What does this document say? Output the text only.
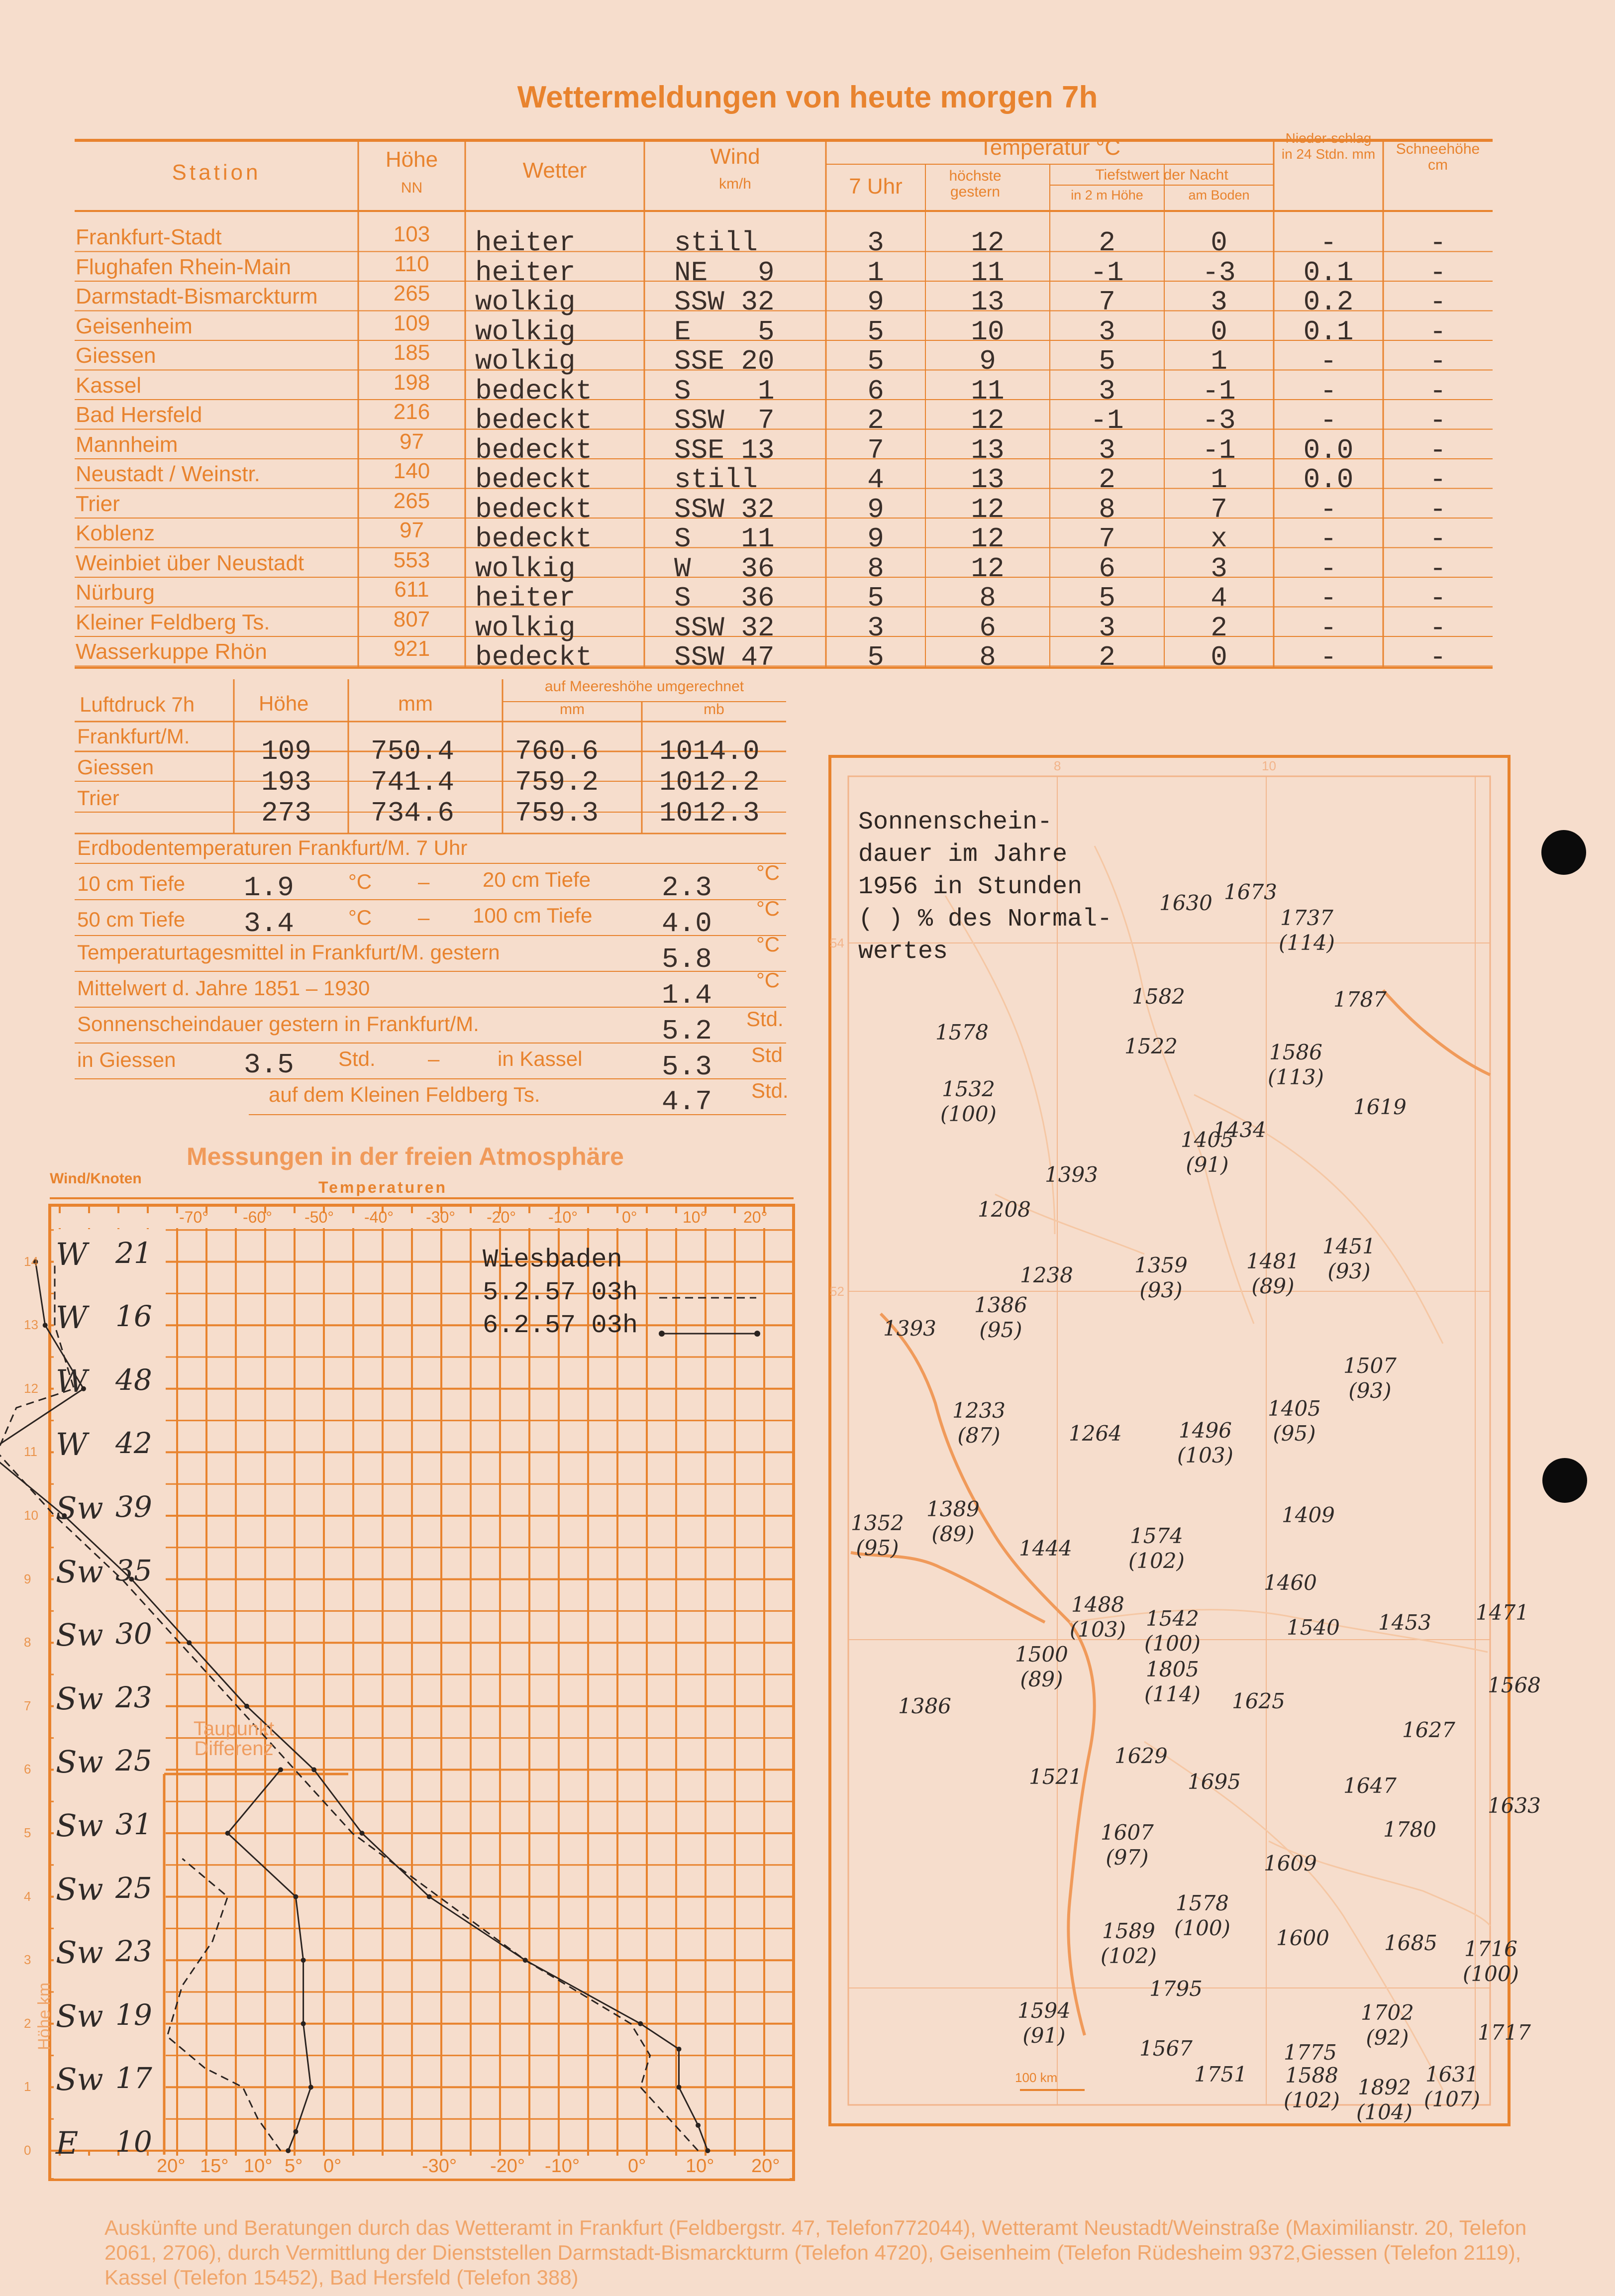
Wettermeldungen von heute morgen 7h
Station
Höhe
NN
Wetter
Wind
km/h
Temperatur °C
7 Uhr	höchste gestern
Tiefstwert der Nacht
in 2 m Höhe	am Boden
Nieder-schlag in 24 Stdn. mm	Schneehöhe cm
Frankfurt-Stadt	103	heiter	still	3	12	2	0	-	-
Flughafen Rhein-Main	110	heiter	NE   9	1	11	-1	-3	0.1	-
Darmstadt-Bismarckturm	265	wolkig	SSW 32	9	13	7	3	0.2	-
Geisenheim	109	wolkig	E    5	5	10	3	0	0.1	-
Giessen	185	wolkig	SSE 20	5	9	5	1	-	-
Kassel	198	bedeckt	S    1	6	11	3	-1	-	-
Bad Hersfeld	216	bedeckt	SSW  7	2	12	-1	-3	-	-
Mannheim	97	bedeckt	SSE 13	7	13	3	-1	0.0	-
Neustadt / Weinstr.	140	bedeckt	still	4	13	2	1	0.0	-
Trier	265	bedeckt	SSW 32	9	12	8	7	-	-
Koblenz	97	bedeckt	S   11	9	12	7	x	-	-
Weinbiet über Neustadt	553	wolkig	W   36	8	12	6	3	-	-
Nürburg	611	heiter	S   36	5	8	5	4	-	-
Kleiner Feldberg Ts.	807	wolkig	SSW 32	3	6	3	2	-	-
Wasserkuppe Rhön	921	bedeckt	SSW 47	5	8	2	0	-	-
Luftdruck 7h	Höhe	mm
auf Meereshöhe umgerechnet
mm	mb
Frankfurt/M.	109 750.4 760.6 1014.0
Giessen	193 741.4 759.2 1012.2
Trier	273 734.6 759.3 1012.3
Erdbodentemperaturen Frankfurt/M. 7 Uhr
10 cm Tiefe 1.9	°C –	20 cm Tiefe	2.3 °C
50 cm Tiefe 3.4	°C – 100 cm Tiefe 4.0 °C
Temperaturtagesmittel in Frankfurt/M. gestern	5.8 °C
Mittelwert d. Jahre 1851 – 1930	1.4 °C
Sonnenscheindauer gestern in Frankfurt/M.	5.2 Std.
in Giessen 3.5 Std.	–	in Kassel	5.3 Std
auf dem Kleinen Feldberg Ts.	4.7 Std.
Messungen in der freien Atmosphäre
Wind/Knoten	Temperaturen
Wiesbaden
5.2.57 03h
6.2.57 03h
Taupunkt Differenz
Höhe km
-70° -60° -50° -40° -30° -20° -10°	0°	10° 20°
20° 15° 10° 5° 0°	-30° -20° -10°	0° 10° 20°
0
1
2
3
4
5
6
7
8
9
10
11
12
13
14
E 10
Sw 17
Sw 19
Sw 23
Sw 25
Sw 31
Sw 25
Sw 23
Sw 30
Sw 35
Sw 39
W 42
W 48
W 16
W 21
100 km
8	10
54
52
Sonnenschein-
dauer im Jahre
1956 in Stunden
( ) % des Normal-
wertes
1630 1673
1737
(114)
1787
1582
1578
1522	1586
(113)
1532
(100)	1619
1405
(91)
1434
1393
1208
1451
(93)
1238	1359
(93)
1481
(89)
1386
(95)
1393
1507
(93)
1233
(87)	1264	1496
(103)
1405
(95)
1409
1389
(89)
1352
(95)	1444
1574
(102)
1460
1488
(103) 1542
(100)
1540 1453 1471
1500
(89)	1805
(114) 1625
1568
1386
1627
1629
1521	1695	1647
1633
1607
(97)
1780
1609
1578
(100)
1589
(102)
1600	1685 1716
(100)
1795
1594
(91)
1702
(92)	1717
1567	1775
1751 1588
(102)
1892
(104)
1631
(107)
Auskünfte und Beratungen durch das Wetteramt in Frankfurt (Feldbergstr. 47, Telefon772044), Wetteramt Neustadt/Weinstraße (Maximilianstr. 20, Telefon 2061, 2706), durch Vermittlung der Dienststellen Darmstadt-Bismarckturm (Telefon 4720), Geisenheim (Telefon Rüdesheim 9372,Giessen (Telefon 2119), Kassel (Telefon 15452), Bad Hersfeld (Telefon 388)
